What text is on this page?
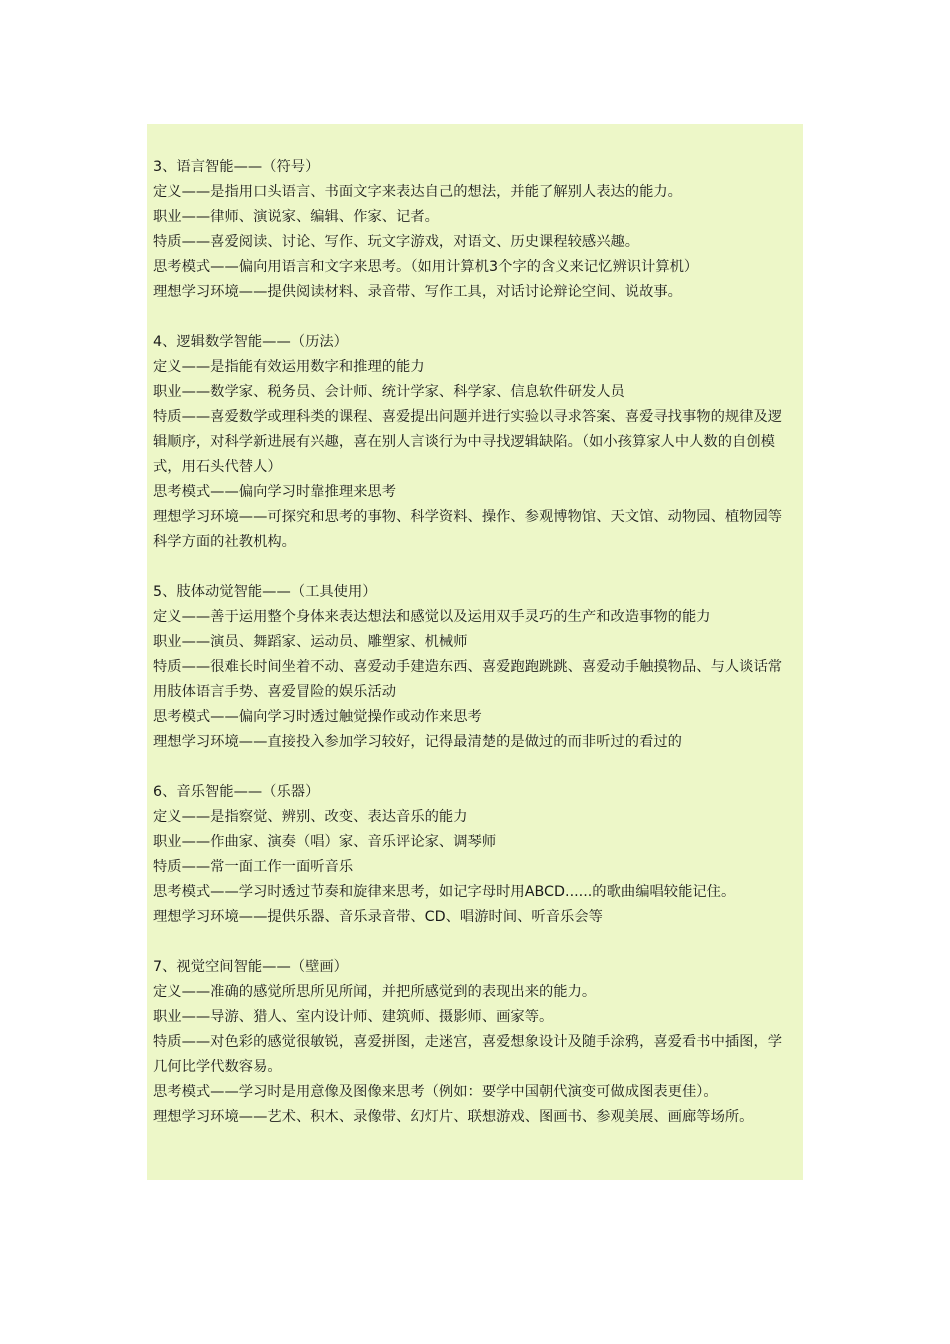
3、语言智能——（符号）

定义——是指用口头语言、书面文字来表达自己的想法，并能了解别人表达的能力。

职业——律师、演说家、编辑、作家、记者。

特质——喜爱阅读、讨论、写作、玩文字游戏，对语文、历史课程较感兴趣。

思考模式——偏向用语言和文字来思考。（如用计算机3个字的含义来记忆辨识计算机）

理想学习环境——提供阅读材料、录音带、写作工具，对话讨论辩论空间、说故事。

4、逻辑数学智能——（历法）

定义——是指能有效运用数字和推理的能力

职业——数学家、税务员、会计师、统计学家、科学家、信息软件研发人员

特质——喜爱数学或理科类的课程、喜爱提出问题并进行实验以寻求答案、喜爱寻找事物的规律及逻辑顺序，对科学新进展有兴趣，喜在别人言谈行为中寻找逻辑缺陷。（如小孩算家人中人数的自创模式，用石头代替人）

思考模式——偏向学习时靠推理来思考

理想学习环境——可探究和思考的事物、科学资料、操作、参观博物馆、天文馆、动物园、植物园等科学方面的社教机构。

5、肢体动觉智能——（工具使用）

定义——善于运用整个身体来表达想法和感觉以及运用双手灵巧的生产和改造事物的能力

职业——演员、舞蹈家、运动员、雕塑家、机械师

特质——很难长时间坐着不动、喜爱动手建造东西、喜爱跑跑跳跳、喜爱动手触摸物品、与人谈话常用肢体语言手势、喜爱冒险的娱乐活动

思考模式——偏向学习时透过触觉操作或动作来思考

理想学习环境——直接投入参加学习较好，记得最清楚的是做过的而非听过的看过的

6、音乐智能——（乐器）

定义——是指察觉、辨别、改变、表达音乐的能力

职业——作曲家、演奏（唱）家、音乐评论家、调琴师

特质——常一面工作一面听音乐

思考模式——学习时透过节奏和旋律来思考，如记字母时用ABCD......的歌曲编唱较能记住。

理想学习环境——提供乐器、音乐录音带、CD、唱游时间、听音乐会等

7、视觉空间智能——（壁画）

定义——准确的感觉所思所见所闻，并把所感觉到的表现出来的能力。

职业——导游、猎人、室内设计师、建筑师、摄影师、画家等。

特质——对色彩的感觉很敏锐，喜爱拼图，走迷宫，喜爱想象设计及随手涂鸦，喜爱看书中插图，学几何比学代数容易。

思考模式——学习时是用意像及图像来思考（例如：要学中国朝代演变可做成图表更佳）。

理想学习环境——艺术、积木、录像带、幻灯片、联想游戏、图画书、参观美展、画廊等场所。
